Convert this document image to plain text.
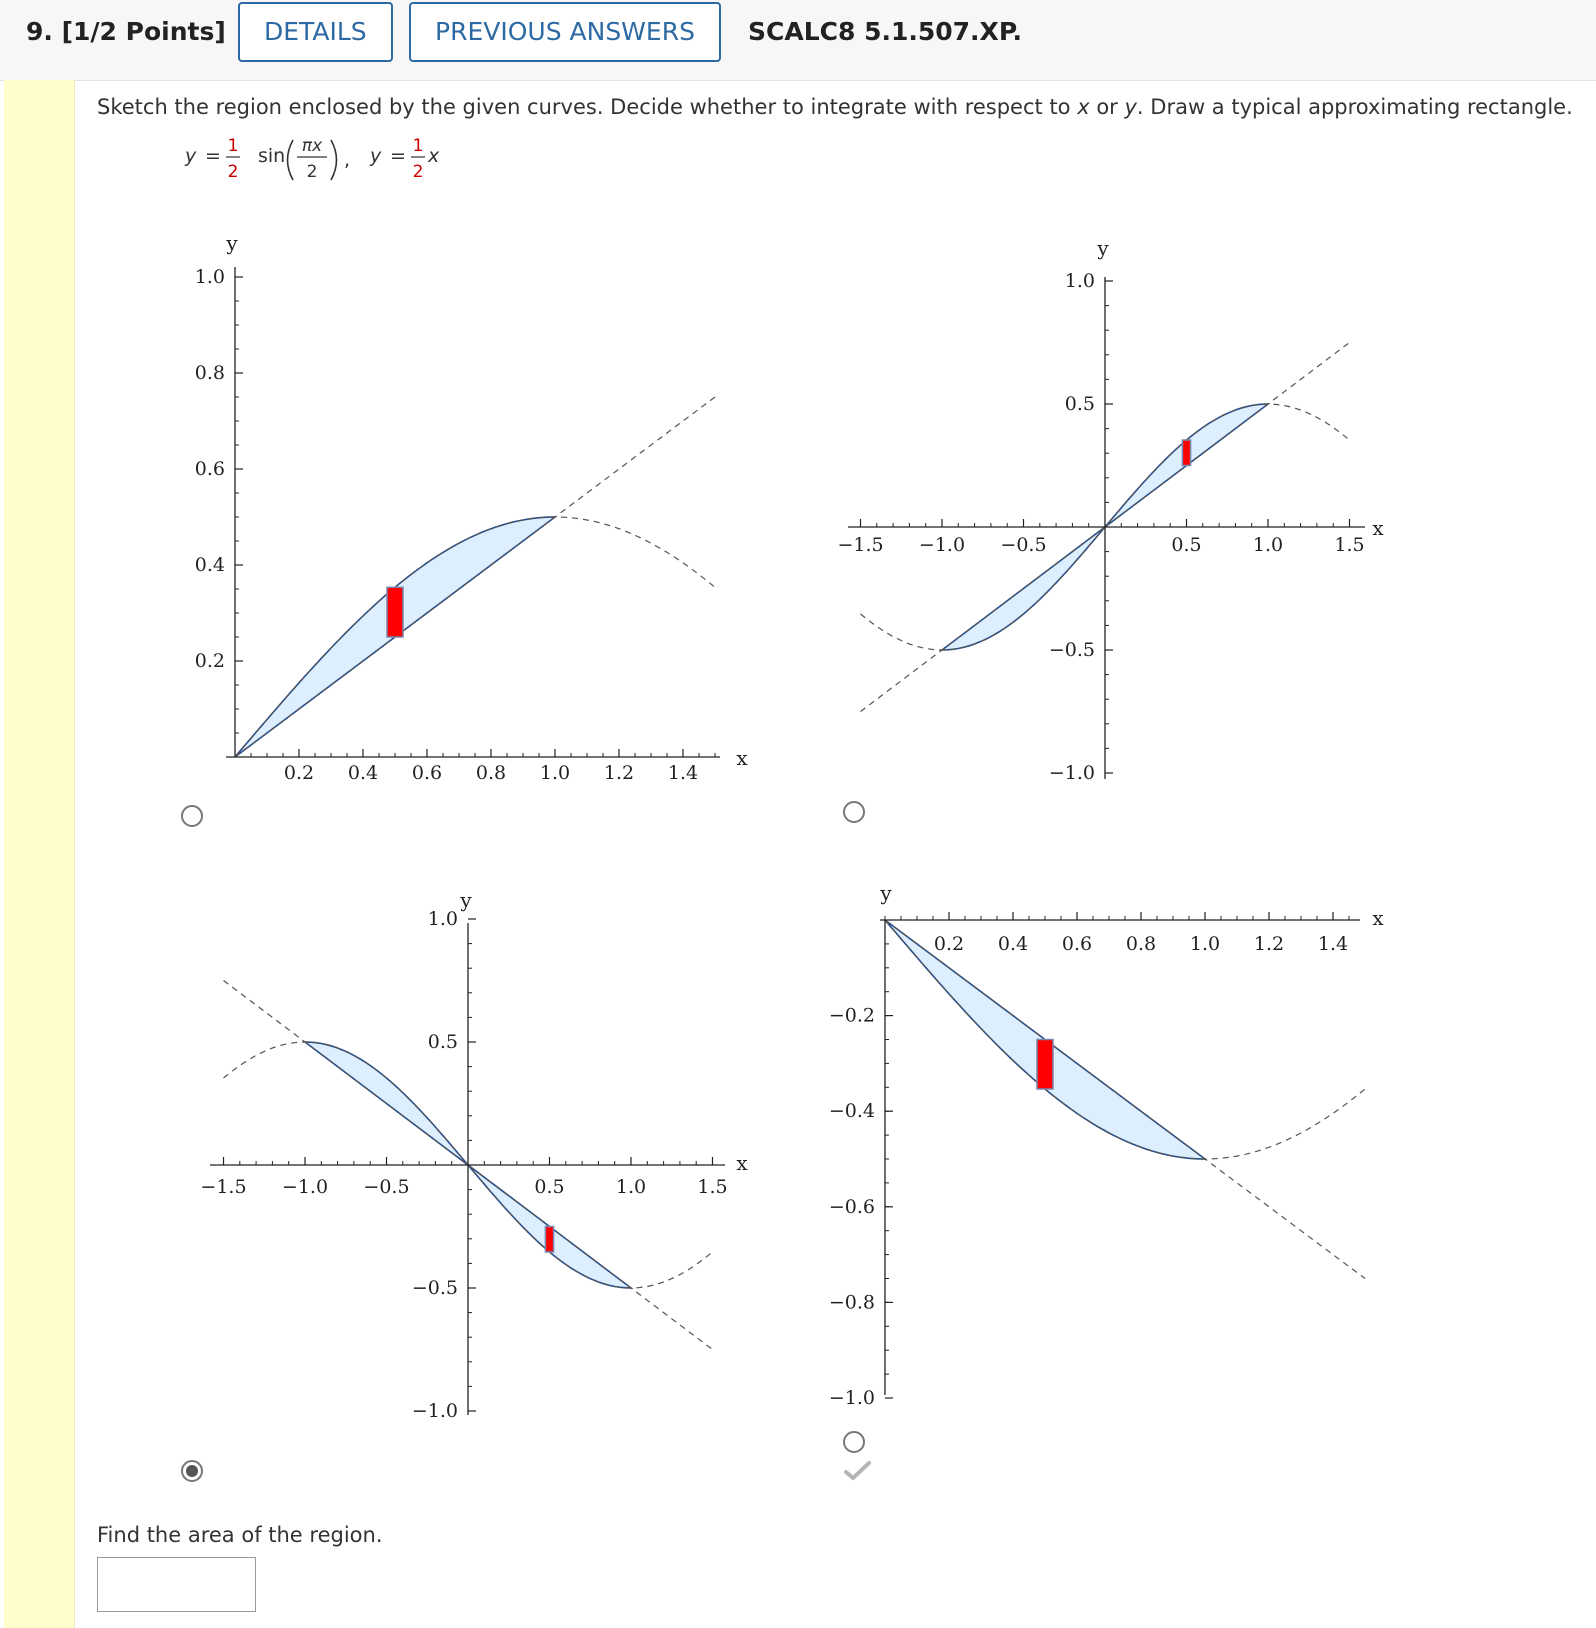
9. [1/2 Points]	DETAILS	PREVIOUS ANSWERS	SCALC8 5.1.507.XP.
Sketch the region enclosed by the given curves. Decide whether to integrate with respect to x or y. Draw a typical approximating rectangle.
y = 1
2
sin πx
2
, y = 1
2
x
0.2 0.4 0.6 0.8 1.0 1.2 1.4
0.2
0.4
0.6
0.8
1.0
x
y
−1.5 −1.0 −0.5	0.5	1.0	1.5
−1.0
−0.5
0.5
1.0
x
y
−1.5 −1.0 −0.5	0.5	1.0	1.5
−1.0
−0.5
0.5
1.0
x
y
0.2 0.4 0.6 0.8 1.0 1.2 1.4
−0.2
−0.4
−0.6
−0.8
−1.0
x
y
Find the area of the region.
